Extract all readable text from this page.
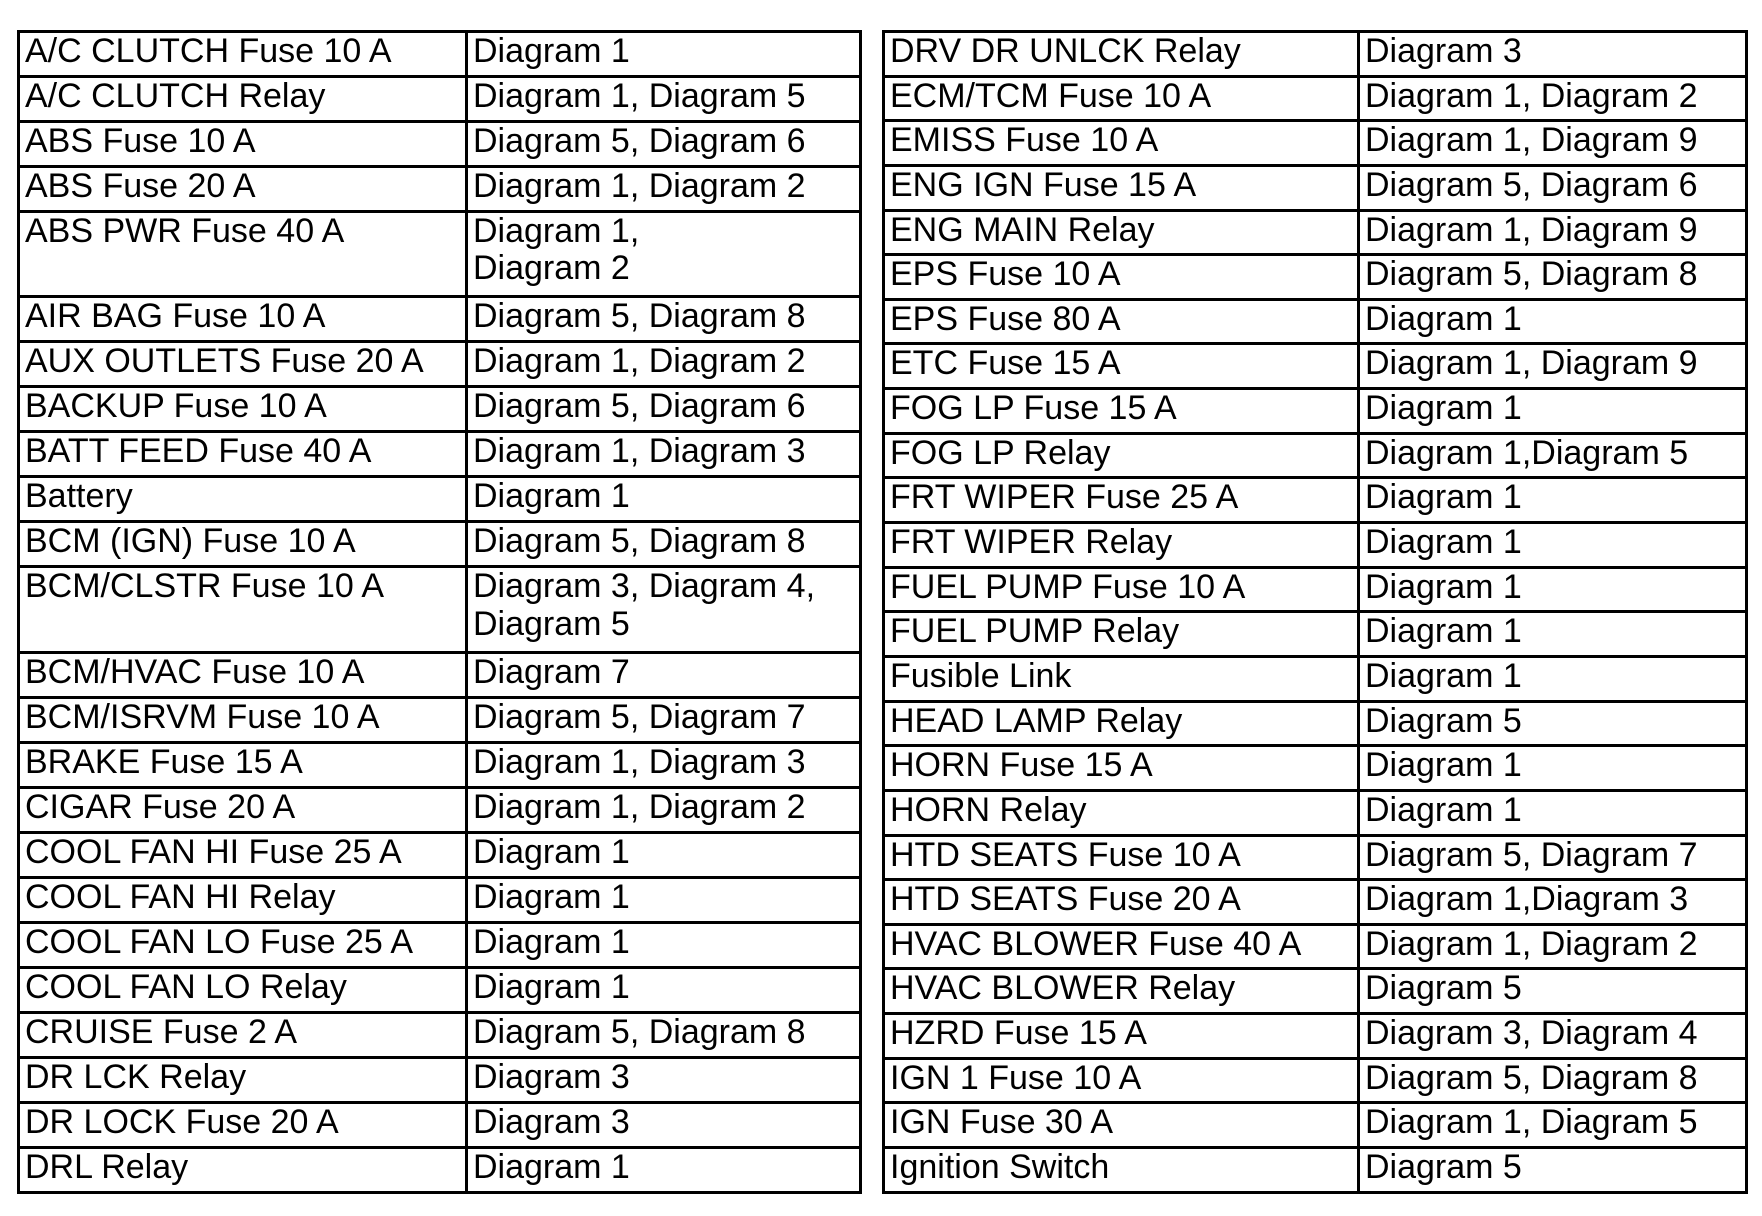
A/C CLUTCH Fuse 10 A	Diagram 1

A/C CLUTCH Relay	Diagram 1, Diagram 5

ABS Fuse 10 A	Diagram 5, Diagram 6

ABS Fuse 20 A	Diagram 1, Diagram 2

ABS PWR Fuse 40 A	Diagram 1,
Diagram 2

AIR BAG Fuse 10 A	Diagram 5, Diagram 8

AUX OUTLETS Fuse 20 A	Diagram 1, Diagram 2

BACKUP Fuse 10 A	Diagram 5, Diagram 6

BATT FEED Fuse 40 A	Diagram 1, Diagram 3

Battery	Diagram 1

BCM (IGN) Fuse 10 A	Diagram 5, Diagram 8

BCM/CLSTR Fuse 10 A	Diagram 3, Diagram 4,
Diagram 5

BCM/HVAC Fuse 10 A	Diagram 7

BCM/ISRVM Fuse 10 A	Diagram 5, Diagram 7

BRAKE Fuse 15 A	Diagram 1, Diagram 3

CIGAR Fuse 20 A	Diagram 1, Diagram 2

COOL FAN HI Fuse 25 A	Diagram 1

COOL FAN HI Relay	Diagram 1

COOL FAN LO Fuse 25 A	Diagram 1

COOL FAN LO Relay	Diagram 1

CRUISE Fuse 2 A	Diagram 5, Diagram 8

DR LCK Relay	Diagram 3

DR LOCK Fuse 20 A	Diagram 3

DRL Relay	Diagram 1
DRV DR UNLCK Relay	Diagram 3

ECM/TCM Fuse 10 A	Diagram 1, Diagram 2

EMISS Fuse 10 A	Diagram 1, Diagram 9

ENG IGN Fuse 15 A	Diagram 5, Diagram 6

ENG MAIN Relay	Diagram 1, Diagram 9

EPS Fuse 10 A	Diagram 5, Diagram 8

EPS Fuse 80 A	Diagram 1

ETC Fuse 15 A	Diagram 1, Diagram 9

FOG LP Fuse 15 A	Diagram 1

FOG LP Relay	Diagram 1,Diagram 5

FRT WIPER Fuse 25 A	Diagram 1

FRT WIPER Relay	Diagram 1

FUEL PUMP Fuse 10 A	Diagram 1

FUEL PUMP Relay	Diagram 1

Fusible Link	Diagram 1

HEAD LAMP Relay	Diagram 5

HORN Fuse 15 A	Diagram 1

HORN Relay	Diagram 1

HTD SEATS Fuse 10 A	Diagram 5, Diagram 7

HTD SEATS Fuse 20 A	Diagram 1,Diagram 3

HVAC BLOWER Fuse 40 A	Diagram 1, Diagram 2

HVAC BLOWER Relay	Diagram 5

HZRD Fuse 15 A	Diagram 3, Diagram 4

IGN 1 Fuse 10 A	Diagram 5, Diagram 8

IGN Fuse 30 A	Diagram 1, Diagram 5

Ignition Switch	Diagram 5
